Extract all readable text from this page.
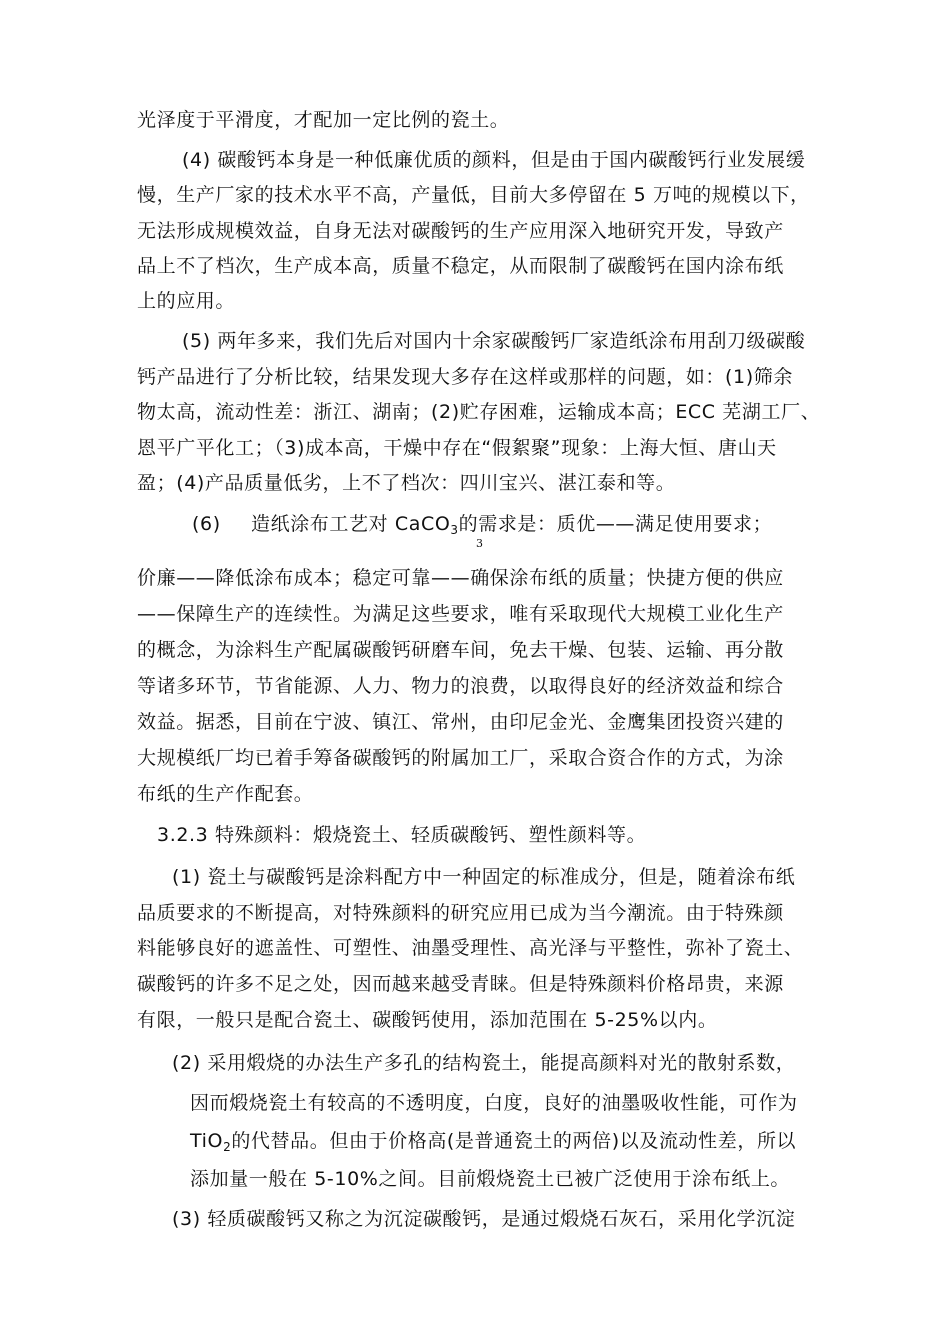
光泽度于平滑度，才配加一定比例的瓷土。
(4) 碳酸钙本身是一种低廉优质的颜料，但是由于国内碳酸钙行业发展缓
慢，生产厂家的技术水平不高，产量低，目前大多停留在 5 万吨的规模以下，
无法形成规模效益，自身无法对碳酸钙的生产应用深入地研究开发，导致产
品上不了档次，生产成本高，质量不稳定，从而限制了碳酸钙在国内涂布纸
上的应用。
(5) 两年多来，我们先后对国内十余家碳酸钙厂家造纸涂布用刮刀级碳酸
钙产品进行了分析比较，结果发现大多存在这样或那样的问题，如：(1)筛余
物太高，流动性差：浙江、湖南；(2)贮存困难，运输成本高；ECC 芜湖工厂、
恩平广平化工；（3)成本高，干燥中存在“假絮聚”现象：上海大恒、唐山天
盈；(4)产品质量低劣，上不了档次：四川宝兴、湛江泰和等。
(6) 造纸涂布工艺对 CaCO$_3$的需求是：质优——满足使用要求；
3
价廉——降低涂布成本；稳定可靠——确保涂布纸的质量；快捷方便的供应
——保障生产的连续性。为满足这些要求，唯有采取现代大规模工业化生产
的概念，为涂料生产配属碳酸钙研磨车间，免去干燥、包装、运输、再分散
等诸多环节，节省能源、人力、物力的浪费，以取得良好的经济效益和综合
效益。据悉，目前在宁波、镇江、常州，由印尼金光、金鹰集团投资兴建的
大规模纸厂均已着手筹备碳酸钙的附属加工厂，采取合资合作的方式，为涂
布纸的生产作配套。
3.2.3 特殊颜料：煅烧瓷土、轻质碳酸钙、塑性颜料等。
(1) 瓷土与碳酸钙是涂料配方中一种固定的标准成分，但是，随着涂布纸
品质要求的不断提高，对特殊颜料的研究应用已成为当今潮流。由于特殊颜
料能够良好的遮盖性、可塑性、油墨受理性、高光泽与平整性，弥补了瓷土、
碳酸钙的许多不足之处，因而越来越受青睐。但是特殊颜料价格昂贵，来源
有限，一般只是配合瓷土、碳酸钙使用，添加范围在 5-25%以内。
(2) 采用煅烧的办法生产多孔的结构瓷土，能提高颜料对光的散射系数，
因而煅烧瓷土有较高的不透明度，白度，良好的油墨吸收性能，可作为
TiO$_2$的代替品。但由于价格高(是普通瓷土的两倍)以及流动性差，所以
添加量一般在 5-10%之间。目前煅烧瓷土已被广泛使用于涂布纸上。
(3) 轻质碳酸钙又称之为沉淀碳酸钙，是通过煅烧石灰石，采用化学沉淀
